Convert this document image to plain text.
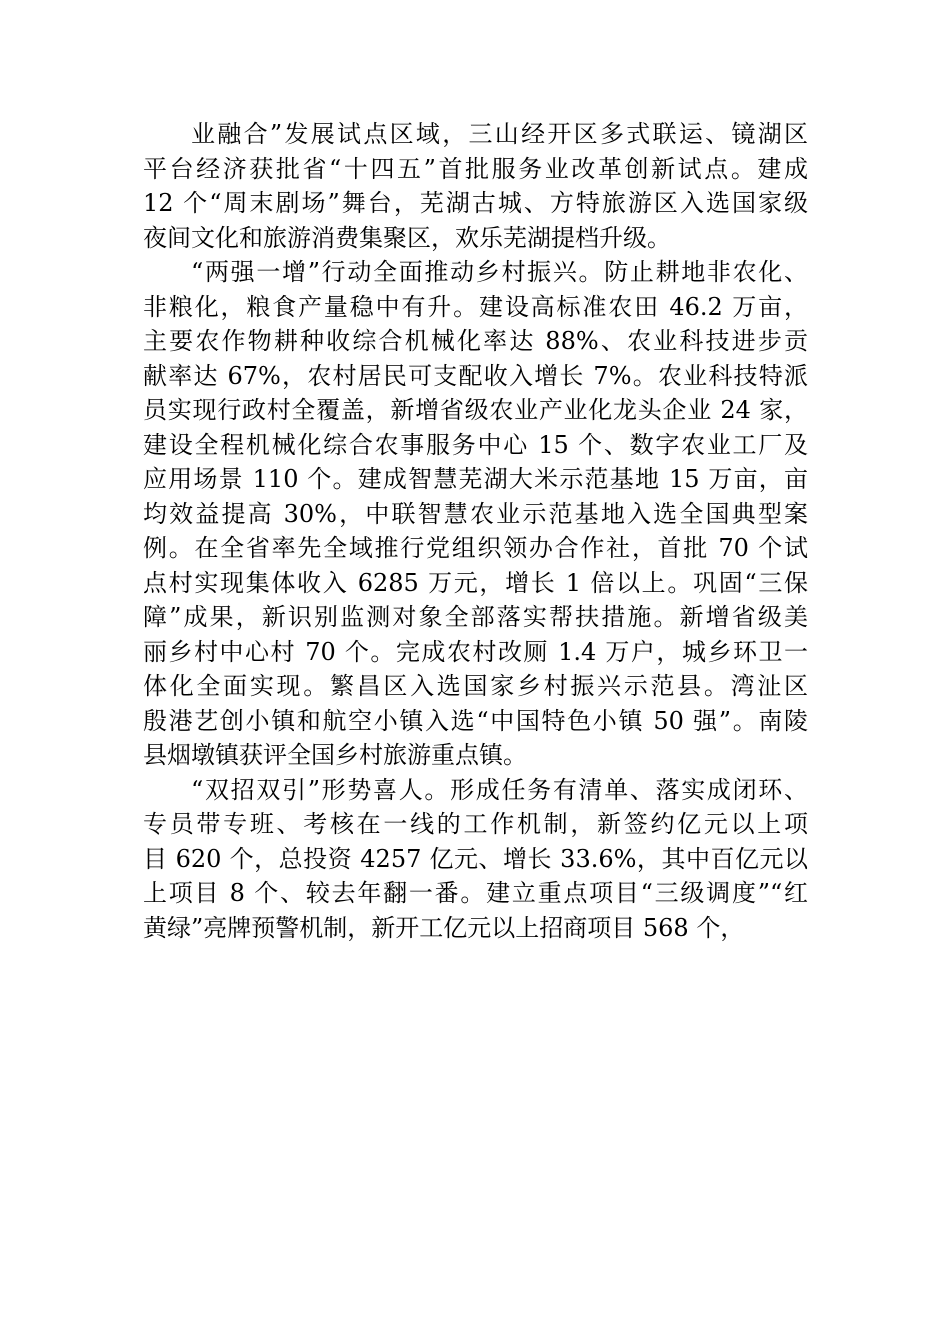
业融合”发展试点区域，三山经开区多式联运、镜湖区
平台经济获批省“十四五”首批服务业改革创新试点。建成
12 个“周末剧场”舞台，芜湖古城、方特旅游区入选国家级
夜间文化和旅游消费集聚区，欢乐芜湖提档升级。
“两强一增”行动全面推动乡村振兴。防止耕地非农化、
非粮化，粮食产量稳中有升。建设高标准农田 46.2 万亩，
主要农作物耕种收综合机械化率达 88%、农业科技进步贡
献率达 67%，农村居民可支配收入增长 7%。农业科技特派
员实现行政村全覆盖，新增省级农业产业化龙头企业 24 家，
建设全程机械化综合农事服务中心 15 个、数字农业工厂及
应用场景 110 个。建成智慧芜湖大米示范基地 15 万亩，亩
均效益提高 30%，中联智慧农业示范基地入选全国典型案
例。在全省率先全域推行党组织领办合作社，首批 70 个试
点村实现集体收入 6285 万元，增长 1 倍以上。巩固“三保
障”成果，新识别监测对象全部落实帮扶措施。新增省级美
丽乡村中心村 70 个。完成农村改厕 1.4 万户，城乡环卫一
体化全面实现。繁昌区入选国家乡村振兴示范县。湾沚区
殷港艺创小镇和航空小镇入选“中国特色小镇 50 强”。南陵
县烟墩镇获评全国乡村旅游重点镇。
“双招双引”形势喜人。形成任务有清单、落实成闭环、
专员带专班、考核在一线的工作机制，新签约亿元以上项
目 620 个，总投资 4257 亿元、增长 33.6%，其中百亿元以
上项目 8 个、较去年翻一番。建立重点项目“三级调度”“红
黄绿”亮牌预警机制，新开工亿元以上招商项目 568 个，
